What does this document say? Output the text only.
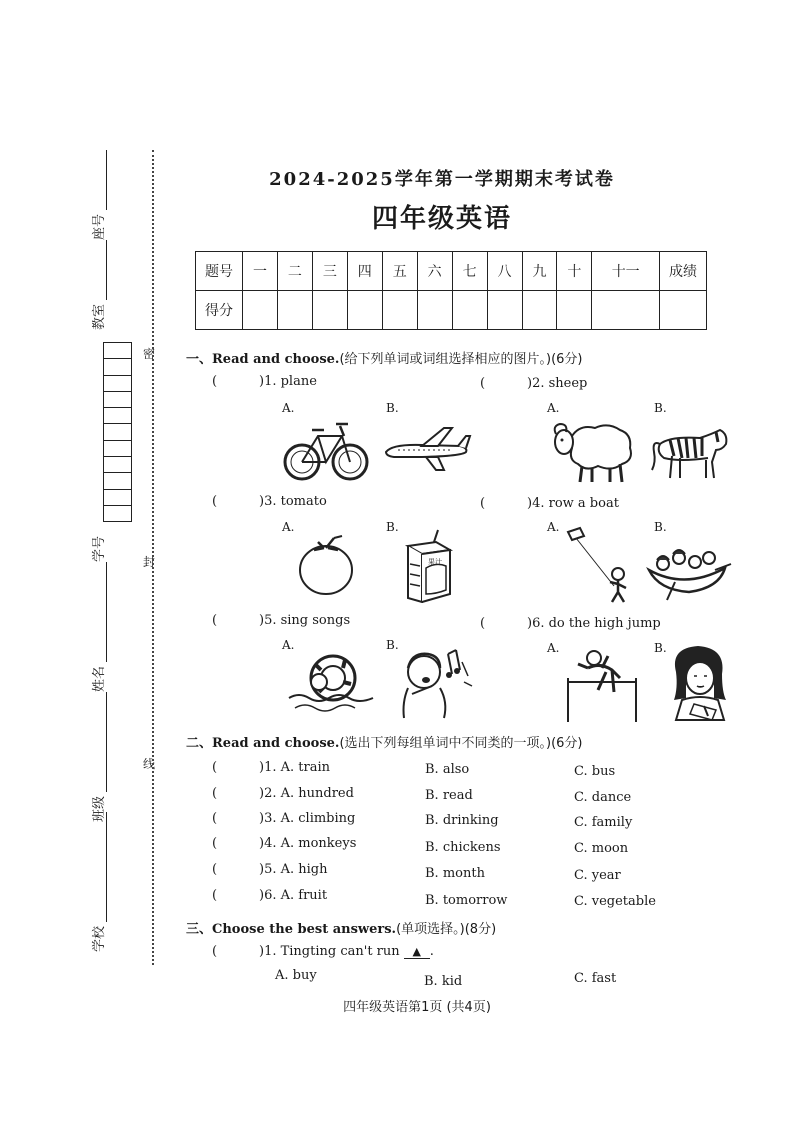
座号
教室
学号
姓名
班级
学校
密
封
线
2024-2025学年第一学期期末考试卷
四年级英语
题号	一	二	三	四	五	六	七	八	九	十	十一	成绩
得分												
一、Read and choose.(给下列单词或词组选择相应的图片。)(6分)
(	)1. plane
A.	B.
(	)2. sheep
A.	B.
(	)3. tomato
A.	B.
果汁
(	)4. row a boat
A.	B.
(	)5. sing songs
A.	B.
(	)6. do the high jump
A.	B.
二、Read and choose.(选出下列每组单词中不同类的一项。)(6分)
(	)1. A. train	B. also	C. bus
(	)2. A. hundred	B. read	C. dance
(	)3. A. climbing	B. drinking	C. family
(	)4. A. monkeys	B. chickens	C. moon
(	)5. A. high	B. month	C. year
(	)6. A. fruit	B. tomorrow	C. vegetable
三、Choose the best answers.(单项选择。)(8分)
(	)1. Tingting can't run ▲ .
A. buy	B. kid	C. fast
四年级英语第1页 (共4页)
